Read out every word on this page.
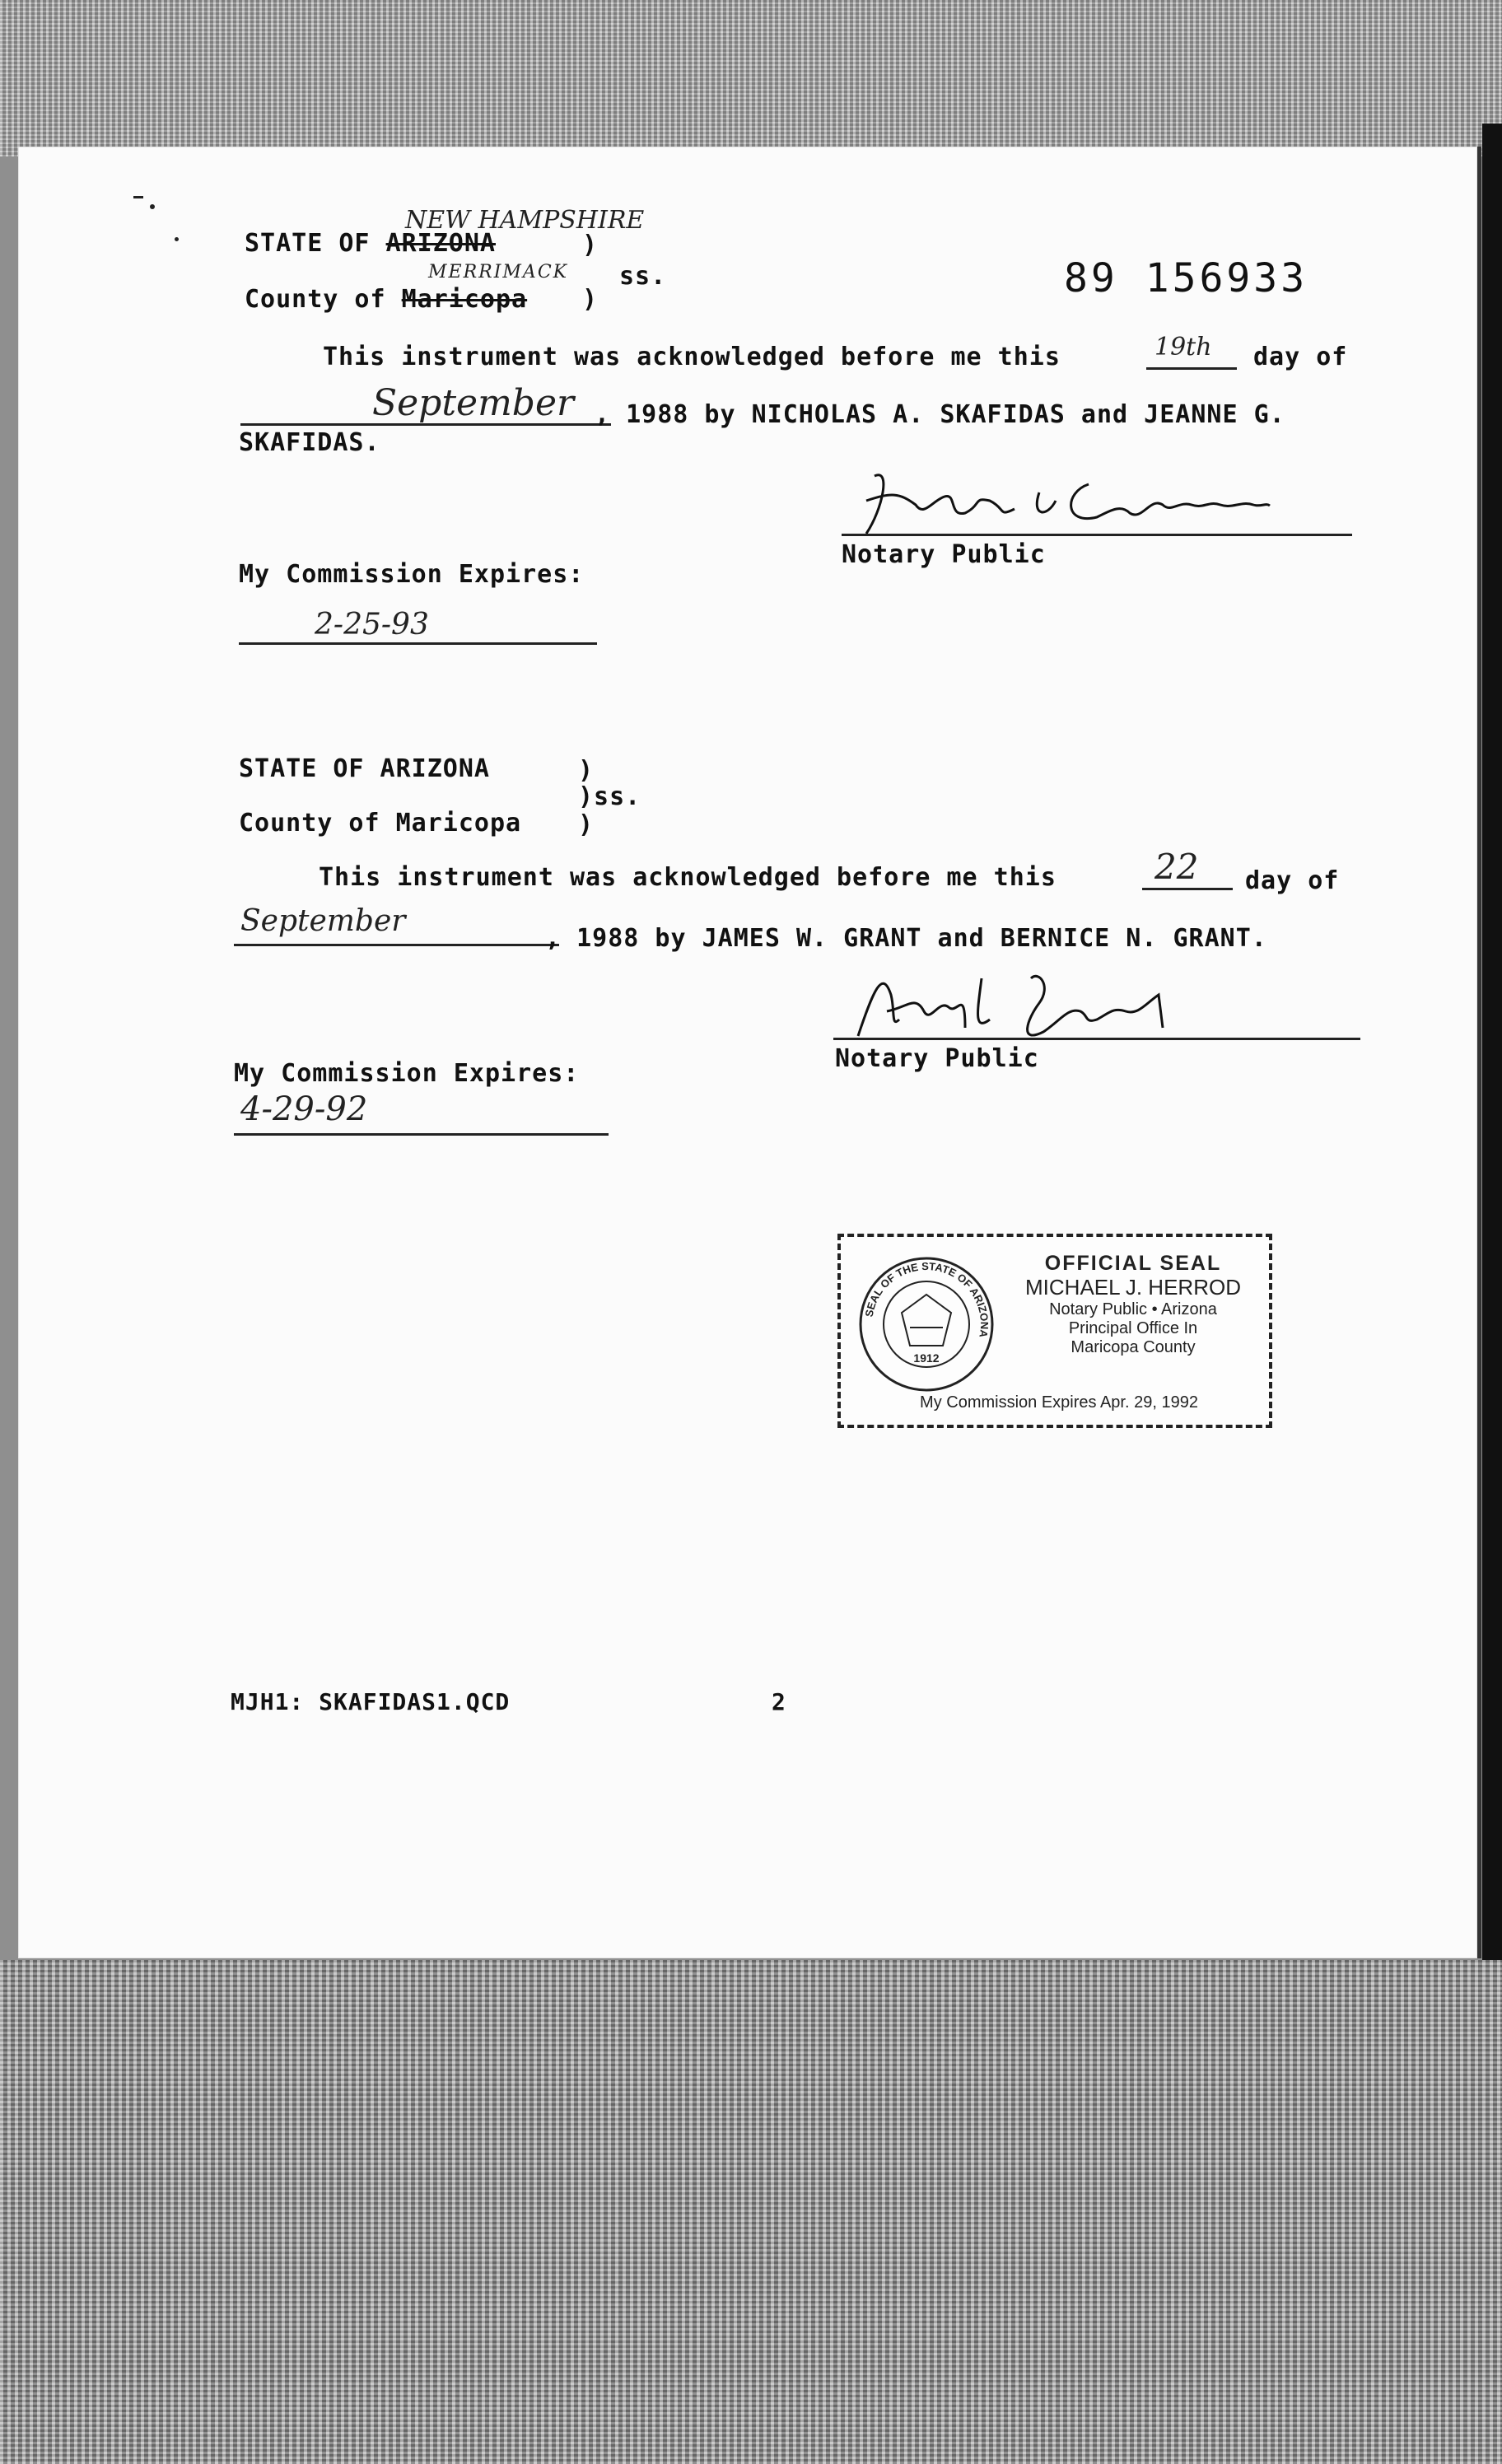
NEW HAMPSHIRE
STATE OF ARIZONA	)
MERRIMACK ss.
County of Maricopa )	89 156933
This instrument was acknowledged before me this	19th day of
September , 1988 by NICHOLAS A. SKAFIDAS and JEANNE G.
SKAFIDAS.
Notary Public
My Commission Expires:
2-25-93
STATE OF ARIZONA	)
)ss.
County of Maricopa )
This instrument was acknowledged before me this	22 day of
September
, 1988 by JAMES W. GRANT and BERNICE N. GRANT.
Notary Public
My Commission Expires:
4-29-92
SEAL OF THE STATE OF ARIZONA
1912
OFFICIAL SEAL
MICHAEL J. HERROD
Notary Public • Arizona
Principal Office In
Maricopa County
My Commission Expires Apr. 29, 1992
MJH1: SKAFIDAS1.QCD	2
